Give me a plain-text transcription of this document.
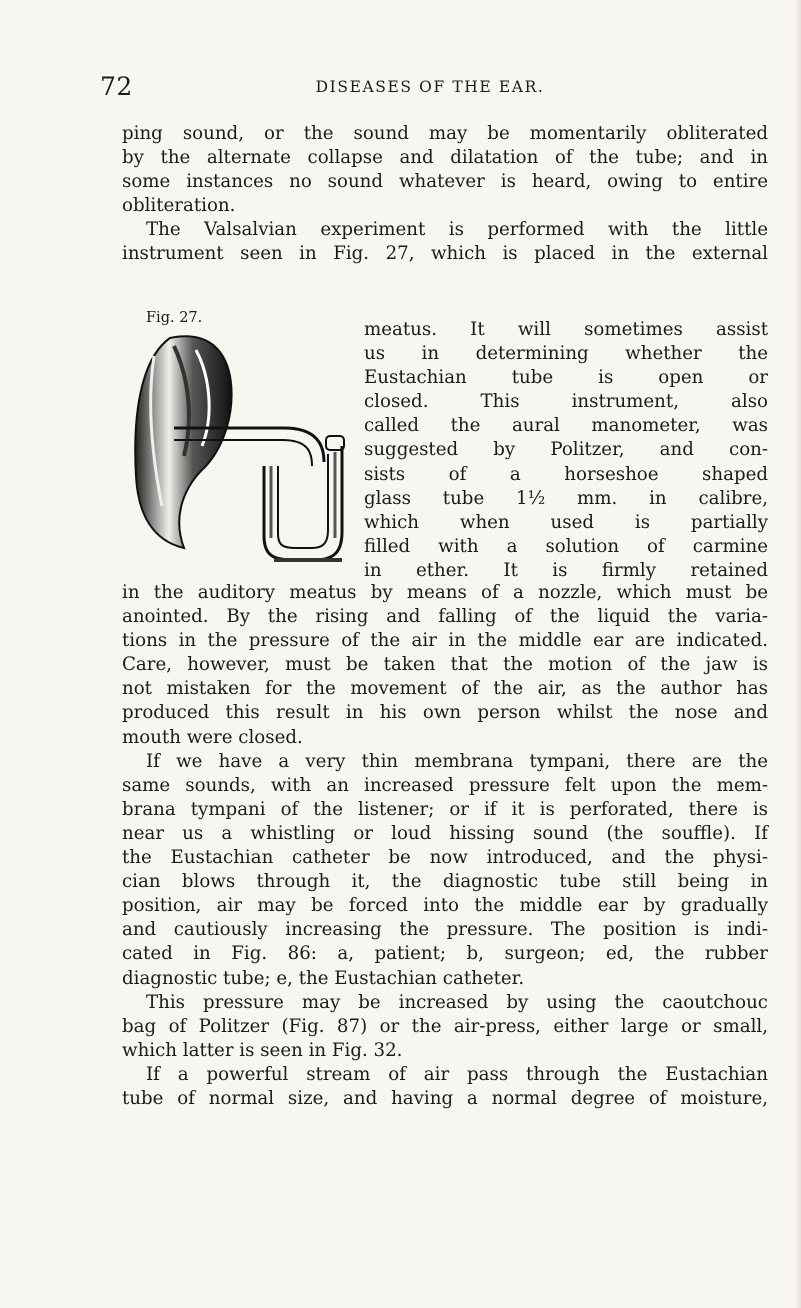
72	DISEASES OF THE EAR.
ping sound, or the sound may be momentarily obliterated
by the alternate collapse and dilatation of the tube; and in
some instances no sound whatever is heard, owing to entire
obliteration.
The Valsalvian experiment is performed with the little
instrument seen in Fig. 27, which is placed in the external
Fig. 27.
meatus. It will sometimes assist
us in determining whether the
Eustachian tube is open or
closed. This instrument, also
called the aural manometer, was
suggested by Politzer, and con-
sists of a horseshoe shaped
glass tube 1½ mm. in calibre,
which when used is partially
filled with a solution of carmine
in ether. It is firmly retained
in the auditory meatus by means of a nozzle, which must be
anointed. By the rising and falling of the liquid the varia-
tions in the pressure of the air in the middle ear are indicated.
Care, however, must be taken that the motion of the jaw is
not mistaken for the movement of the air, as the author has
produced this result in his own person whilst the nose and
mouth were closed.
If we have a very thin membrana tympani, there are the
same sounds, with an increased pressure felt upon the mem-
brana tympani of the listener; or if it is perforated, there is
near us a whistling or loud hissing sound (the souffle). If
the Eustachian catheter be now introduced, and the physi-
cian blows through it, the diagnostic tube still being in
position, air may be forced into the middle ear by gradually
and cautiously increasing the pressure. The position is indi-
cated in Fig. 86: a, patient; b, surgeon; ed, the rubber
diagnostic tube; e, the Eustachian catheter.
This pressure may be increased by using the caoutchouc
bag of Politzer (Fig. 87) or the air-press, either large or small,
which latter is seen in Fig. 32.
If a powerful stream of air pass through the Eustachian
tube of normal size, and having a normal degree of moisture,
